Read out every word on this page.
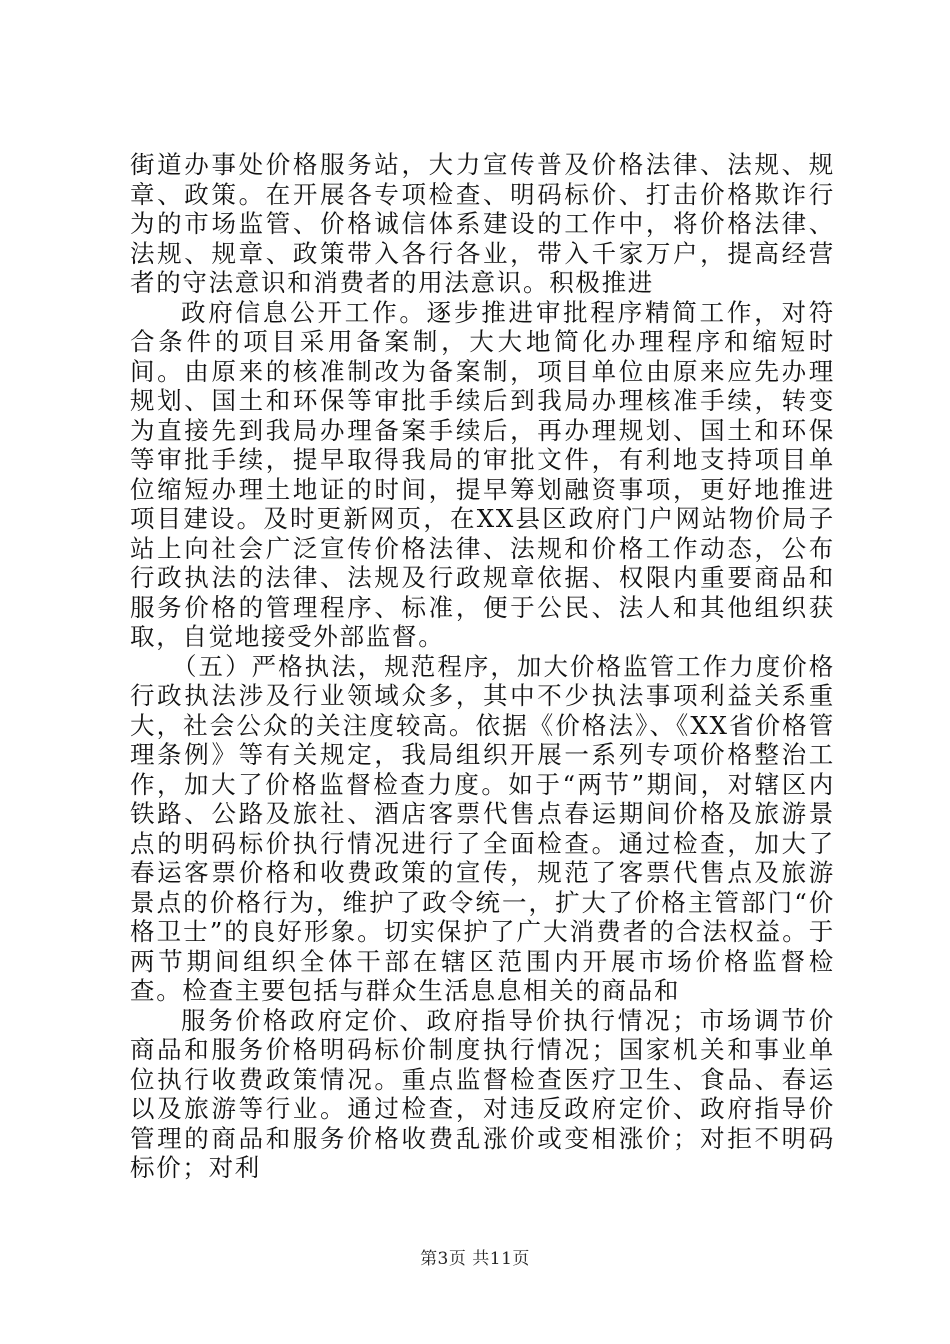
街道办事处价格服务站，大力宣传普及价格法律、法规、规章、政策。在开展各专项检查、明码标价、打击价格欺诈行为的市场监管、价格诚信体系建设的工作中，将价格法律、法规、规章、政策带入各行各业，带入千家万户，提高经营者的守法意识和消费者的用法意识。积极推进

政府信息公开工作。逐步推进审批程序精简工作，对符合条件的项目采用备案制，大大地简化办理程序和缩短时间。由原来的核准制改为备案制，项目单位由原来应先办理规划、国土和环保等审批手续后到我局办理核准手续，转变为直接先到我局办理备案手续后，再办理规划、国土和环保等审批手续，提早取得我局的审批文件，有利地支持项目单位缩短办理土地证的时间，提早筹划融资事项，更好地推进项目建设。及时更新网页，在XX县区政府门户网站物价局子站上向社会广泛宣传价格法律、法规和价格工作动态，公布行政执法的法律、法规及行政规章依据、权限内重要商品和服务价格的管理程序、标准，便于公民、法人和其他组织获取，自觉地接受外部监督。

（五）严格执法，规范程序，加大价格监管工作力度价格行政执法涉及行业领域众多，其中不少执法事项利益关系重大，社会公众的关注度较高。依据《价格法》、《XX省价格管理条例》等有关规定，我局组织开展一系列专项价格整治工作，加大了价格监督检查力度。如于“两节”期间，对辖区内铁路、公路及旅社、酒店客票代售点春运期间价格及旅游景点的明码标价执行情况进行了全面检查。通过检查，加大了春运客票价格和收费政策的宣传，规范了客票代售点及旅游景点的价格行为，维护了政令统一，扩大了价格主管部门“价格卫士”的良好形象。切实保护了广大消费者的合法权益。于两节期间组织全体干部在辖区范围内开展市场价格监督检查。检查主要包括与群众生活息息相关的商品和

服务价格政府定价、政府指导价执行情况；市场调节价商品和服务价格明码标价制度执行情况；国家机关和事业单位执行收费政策情况。重点监督检查医疗卫生、食品、春运以及旅游等行业。通过检查，对违反政府定价、政府指导价管理的商品和服务价格收费乱涨价或变相涨价；对拒不明码标价；对利

第3页 共11页
